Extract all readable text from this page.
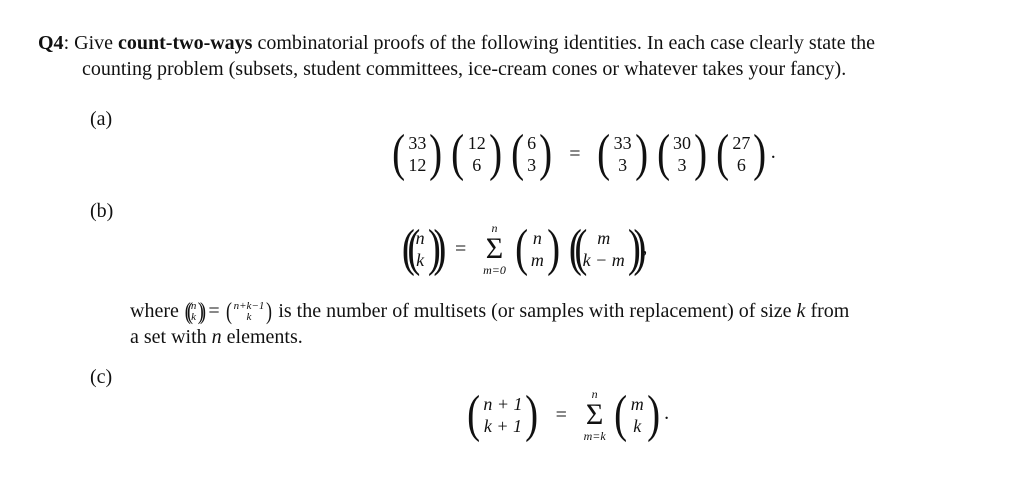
Q4: Give count-two-ways combinatorial proofs of the following identities. In each case clearly state the
counting problem (subsets, student committees, ice-cream cones or whatever takes your fancy).
(a)
( 33
12 )
( 12
6 )
( 6
3 ) = ( 33
3 )
( 30
3 )
( 27
6 ) .
(b)
(( n
k )) =
n
Σ
m=0
( n
m )
(( m
k − m )) ,
where (( n
k )) = ( n+k−1
k ) is the number of multisets (or samples with replacement) of size k from
a set with n elements.
(c)
( n + 1
k + 1 ) =
n
Σ
m=k
( m
k ) .
